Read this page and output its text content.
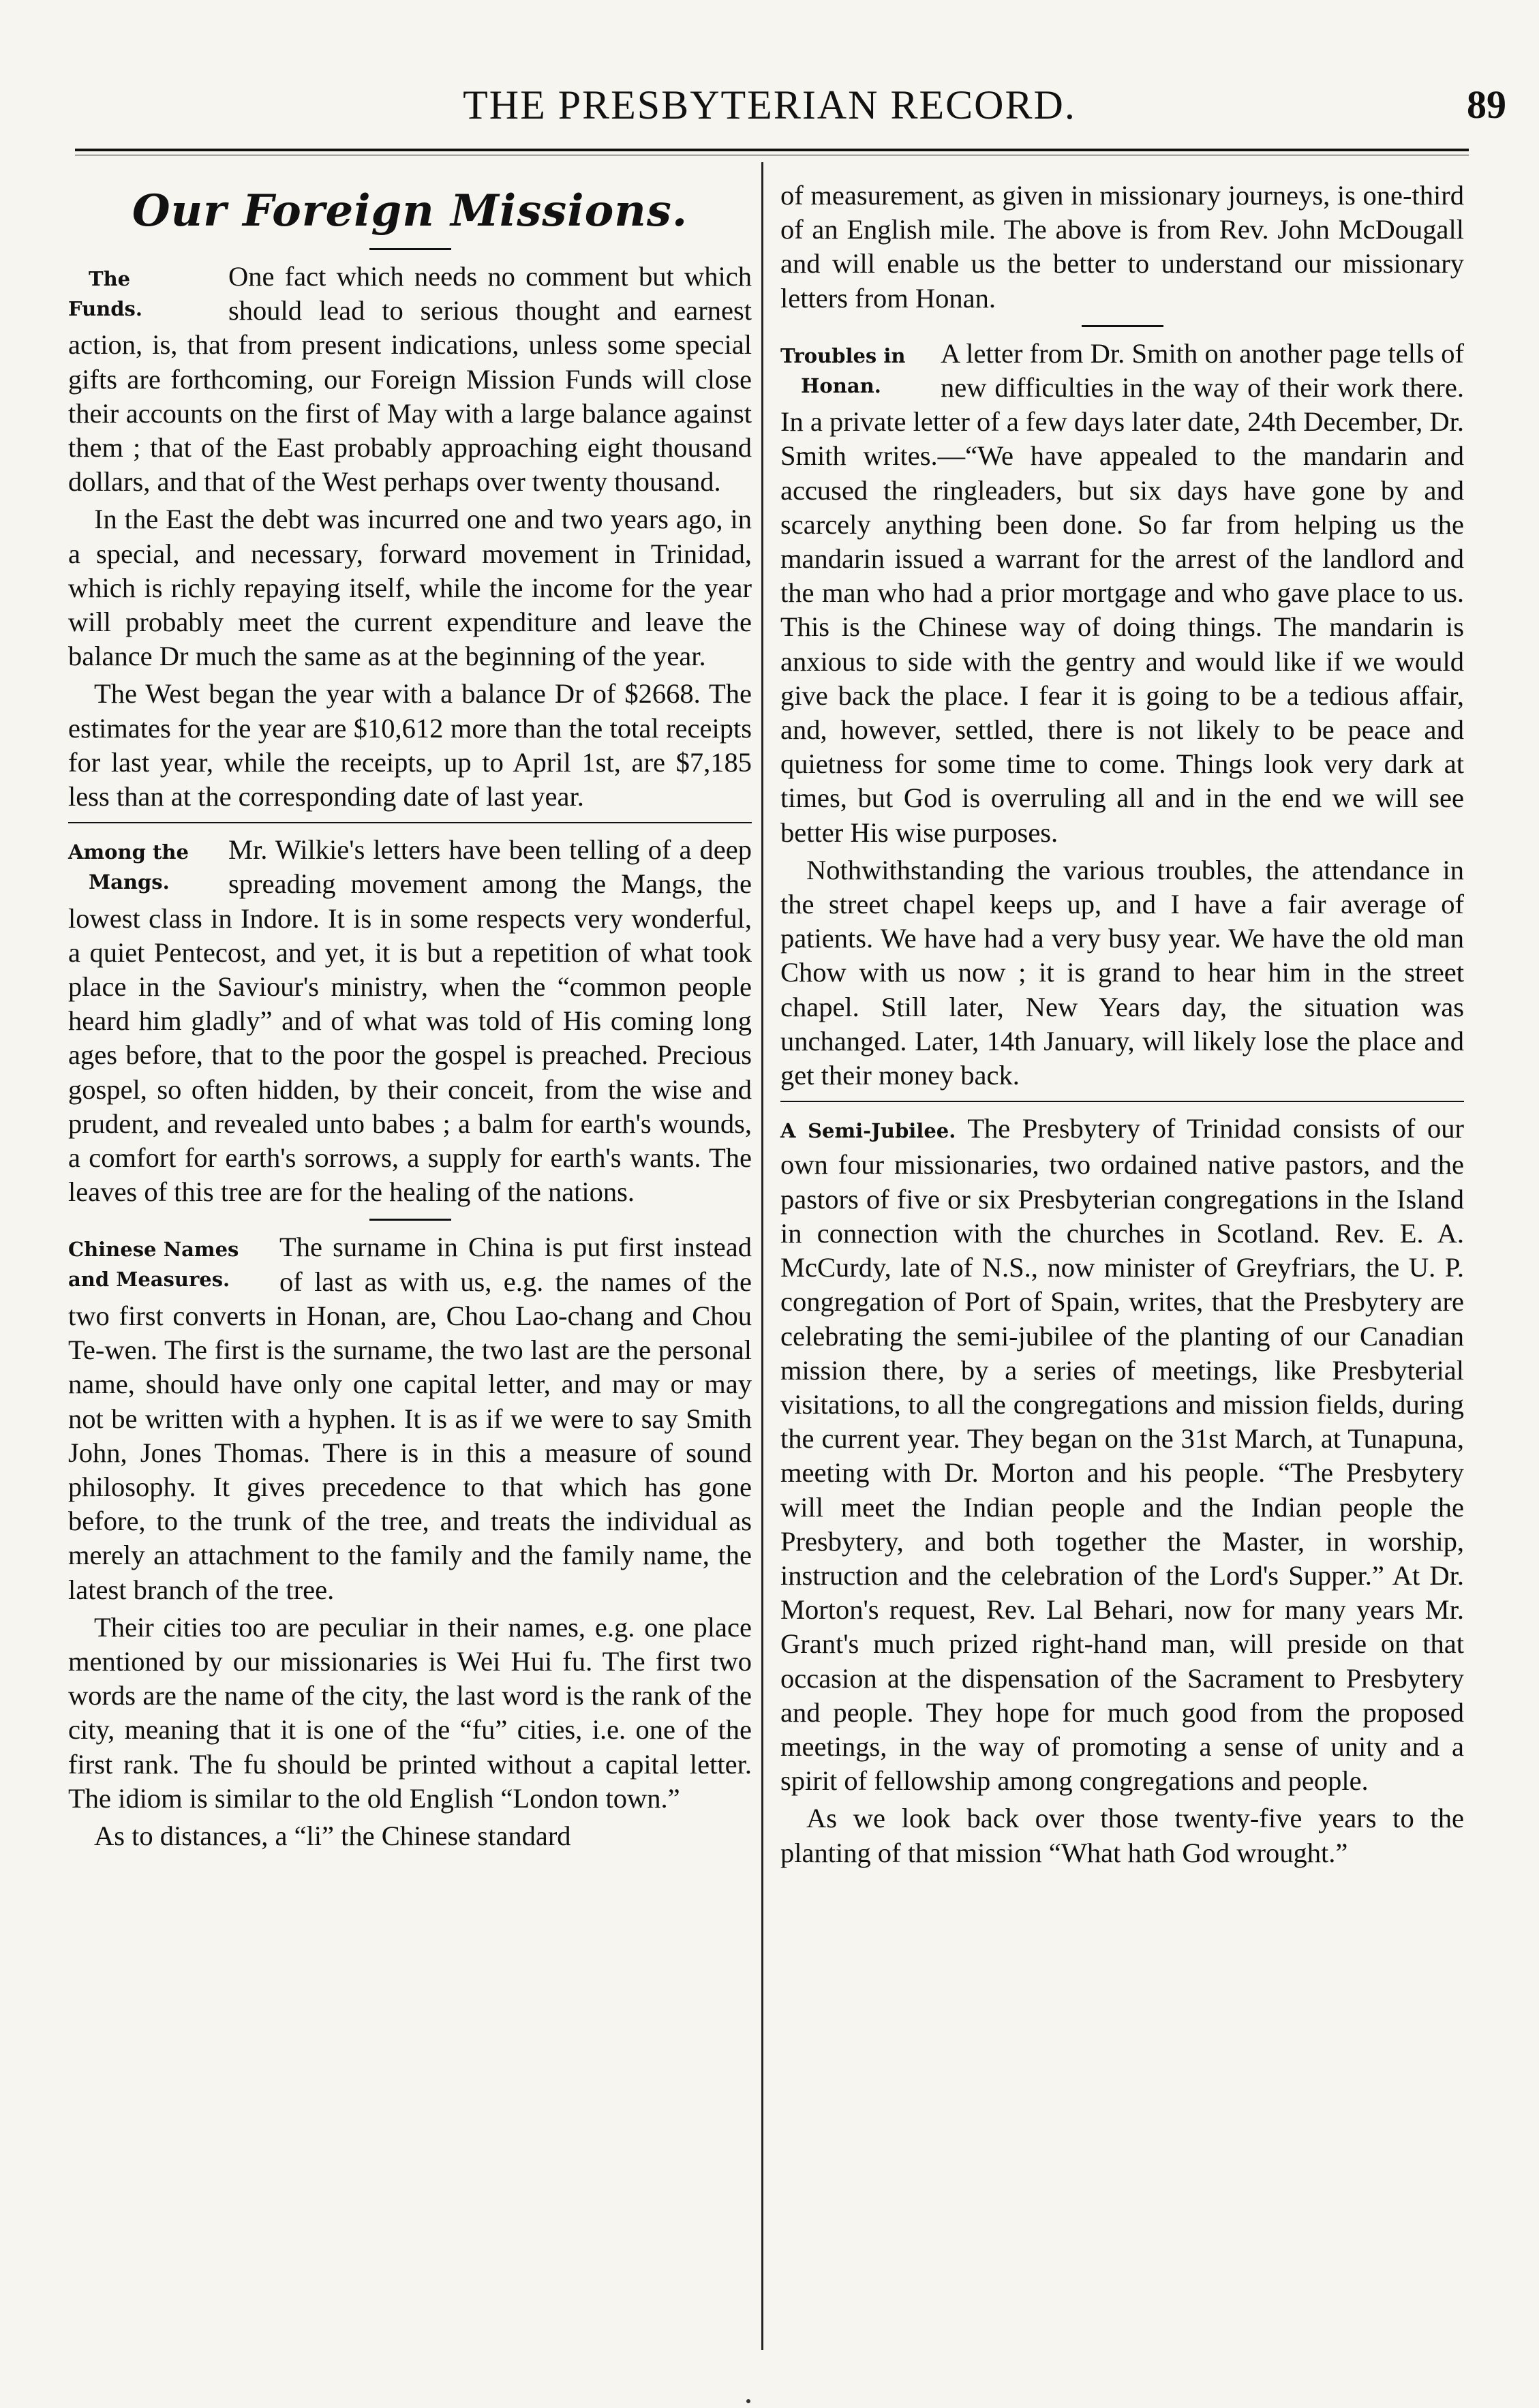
THE PRESBYTERIAN RECORD.	89
Our Foreign Missions.

The
Funds.
One fact which needs no comment but which should lead to serious thought and earnest action, is, that from present indications, unless some special gifts are forthcoming, our Foreign Mission Funds will close their accounts on the first of May with a large balance against them ; that of the East probably approaching eight thousand dollars, and that of the West perhaps over twenty thousand.

In the East the debt was incurred one and two years ago, in a special, and necessary, forward movement in Trinidad, which is richly repaying itself, while the income for the year will probably meet the current expenditure and leave the balance Dr much the same as at the beginning of the year.

The West began the year with a balance Dr of $2668. The estimates for the year are $10,612 more than the total receipts for last year, while the receipts, up to April 1st, are $7,185 less than at the corresponding date of last year.

Among the
Mangs.
Mr. Wilkie's letters have been telling of a deep spreading movement among the Mangs, the lowest class in Indore. It is in some respects very wonderful, a quiet Pentecost, and yet, it is but a repetition of what took place in the Saviour's ministry, when the “common people heard him gladly” and of what was told of His coming long ages before, that to the poor the gospel is preached. Precious gospel, so often hidden, by their conceit, from the wise and prudent, and revealed unto babes ; a balm for earth's wounds, a comfort for earth's sorrows, a supply for earth's wants. The leaves of this tree are for the healing of the nations.

Chinese Names
and Measures.
The surname in China is put first instead of last as with us, e.g. the names of the two first converts in Honan, are, Chou Lao-chang and Chou Te-wen. The first is the surname, the two last are the personal name, should have only one capital letter, and may or may not be written with a hyphen. It is as if we were to say Smith John, Jones Thomas. There is in this a measure of sound philosophy. It gives precedence to that which has gone before, to the trunk of the tree, and treats the individual as merely an attachment to the family and the family name, the latest branch of the tree.

Their cities too are peculiar in their names, e.g. one place mentioned by our missionaries is Wei Hui fu. The first two words are the name of the city, the last word is the rank of the city, meaning that it is one of the “fu” cities, i.e. one of the first rank. The fu should be printed without a capital letter. The idiom is similar to the old English “London town.”

As to distances, a “li” the Chinese standard

of measurement, as given in missionary journeys, is one-third of an English mile. The above is from Rev. John McDougall and will enable us the better to understand our missionary letters from Honan.

Troubles in
Honan.
A letter from Dr. Smith on another page tells of new difficulties in the way of their work there. In a private letter of a few days later date, 24th December, Dr. Smith writes.—“We have appealed to the mandarin and accused the ringleaders, but six days have gone by and scarcely anything been done. So far from helping us the mandarin issued a warrant for the arrest of the landlord and the man who had a prior mortgage and who gave place to us. This is the Chinese way of doing things. The mandarin is anxious to side with the gentry and would like if we would give back the place. I fear it is going to be a tedious affair, and, however, settled, there is not likely to be peace and quietness for some time to come. Things look very dark at times, but God is overruling all and in the end we will see better His wise purposes.

Nothwithstanding the various troubles, the attendance in the street chapel keeps up, and I have a fair average of patients. We have had a very busy year. We have the old man Chow with us now ; it is grand to hear him in the street chapel. Still later, New Years day, the situation was unchanged. Later, 14th January, will likely lose the place and get their money back.

A Semi-Jubilee. The Presbytery of Trinidad consists of our own four missionaries, two ordained native pastors, and the pastors of five or six Presbyterian congregations in the Island in connection with the churches in Scotland. Rev. E. A. McCurdy, late of N.S., now minister of Greyfriars, the U. P. congregation of Port of Spain, writes, that the Presbytery are celebrating the semi-jubilee of the planting of our Canadian mission there, by a series of meetings, like Presbyterial visitations, to all the congregations and mission fields, during the current year. They began on the 31st March, at Tunapuna, meeting with Dr. Morton and his people. “The Presbytery will meet the Indian people and the Indian people the Presbytery, and both together the Master, in worship, instruction and the celebration of the Lord's Supper.” At Dr. Morton's request, Rev. Lal Behari, now for many years Mr. Grant's much prized right-hand man, will preside on that occasion at the dispensation of the Sacrament to Presbytery and people. They hope for much good from the proposed meetings, in the way of promoting a sense of unity and a spirit of fellowship among congregations and people.

As we look back over those twenty-five years to the planting of that mission “What hath God wrought.”
